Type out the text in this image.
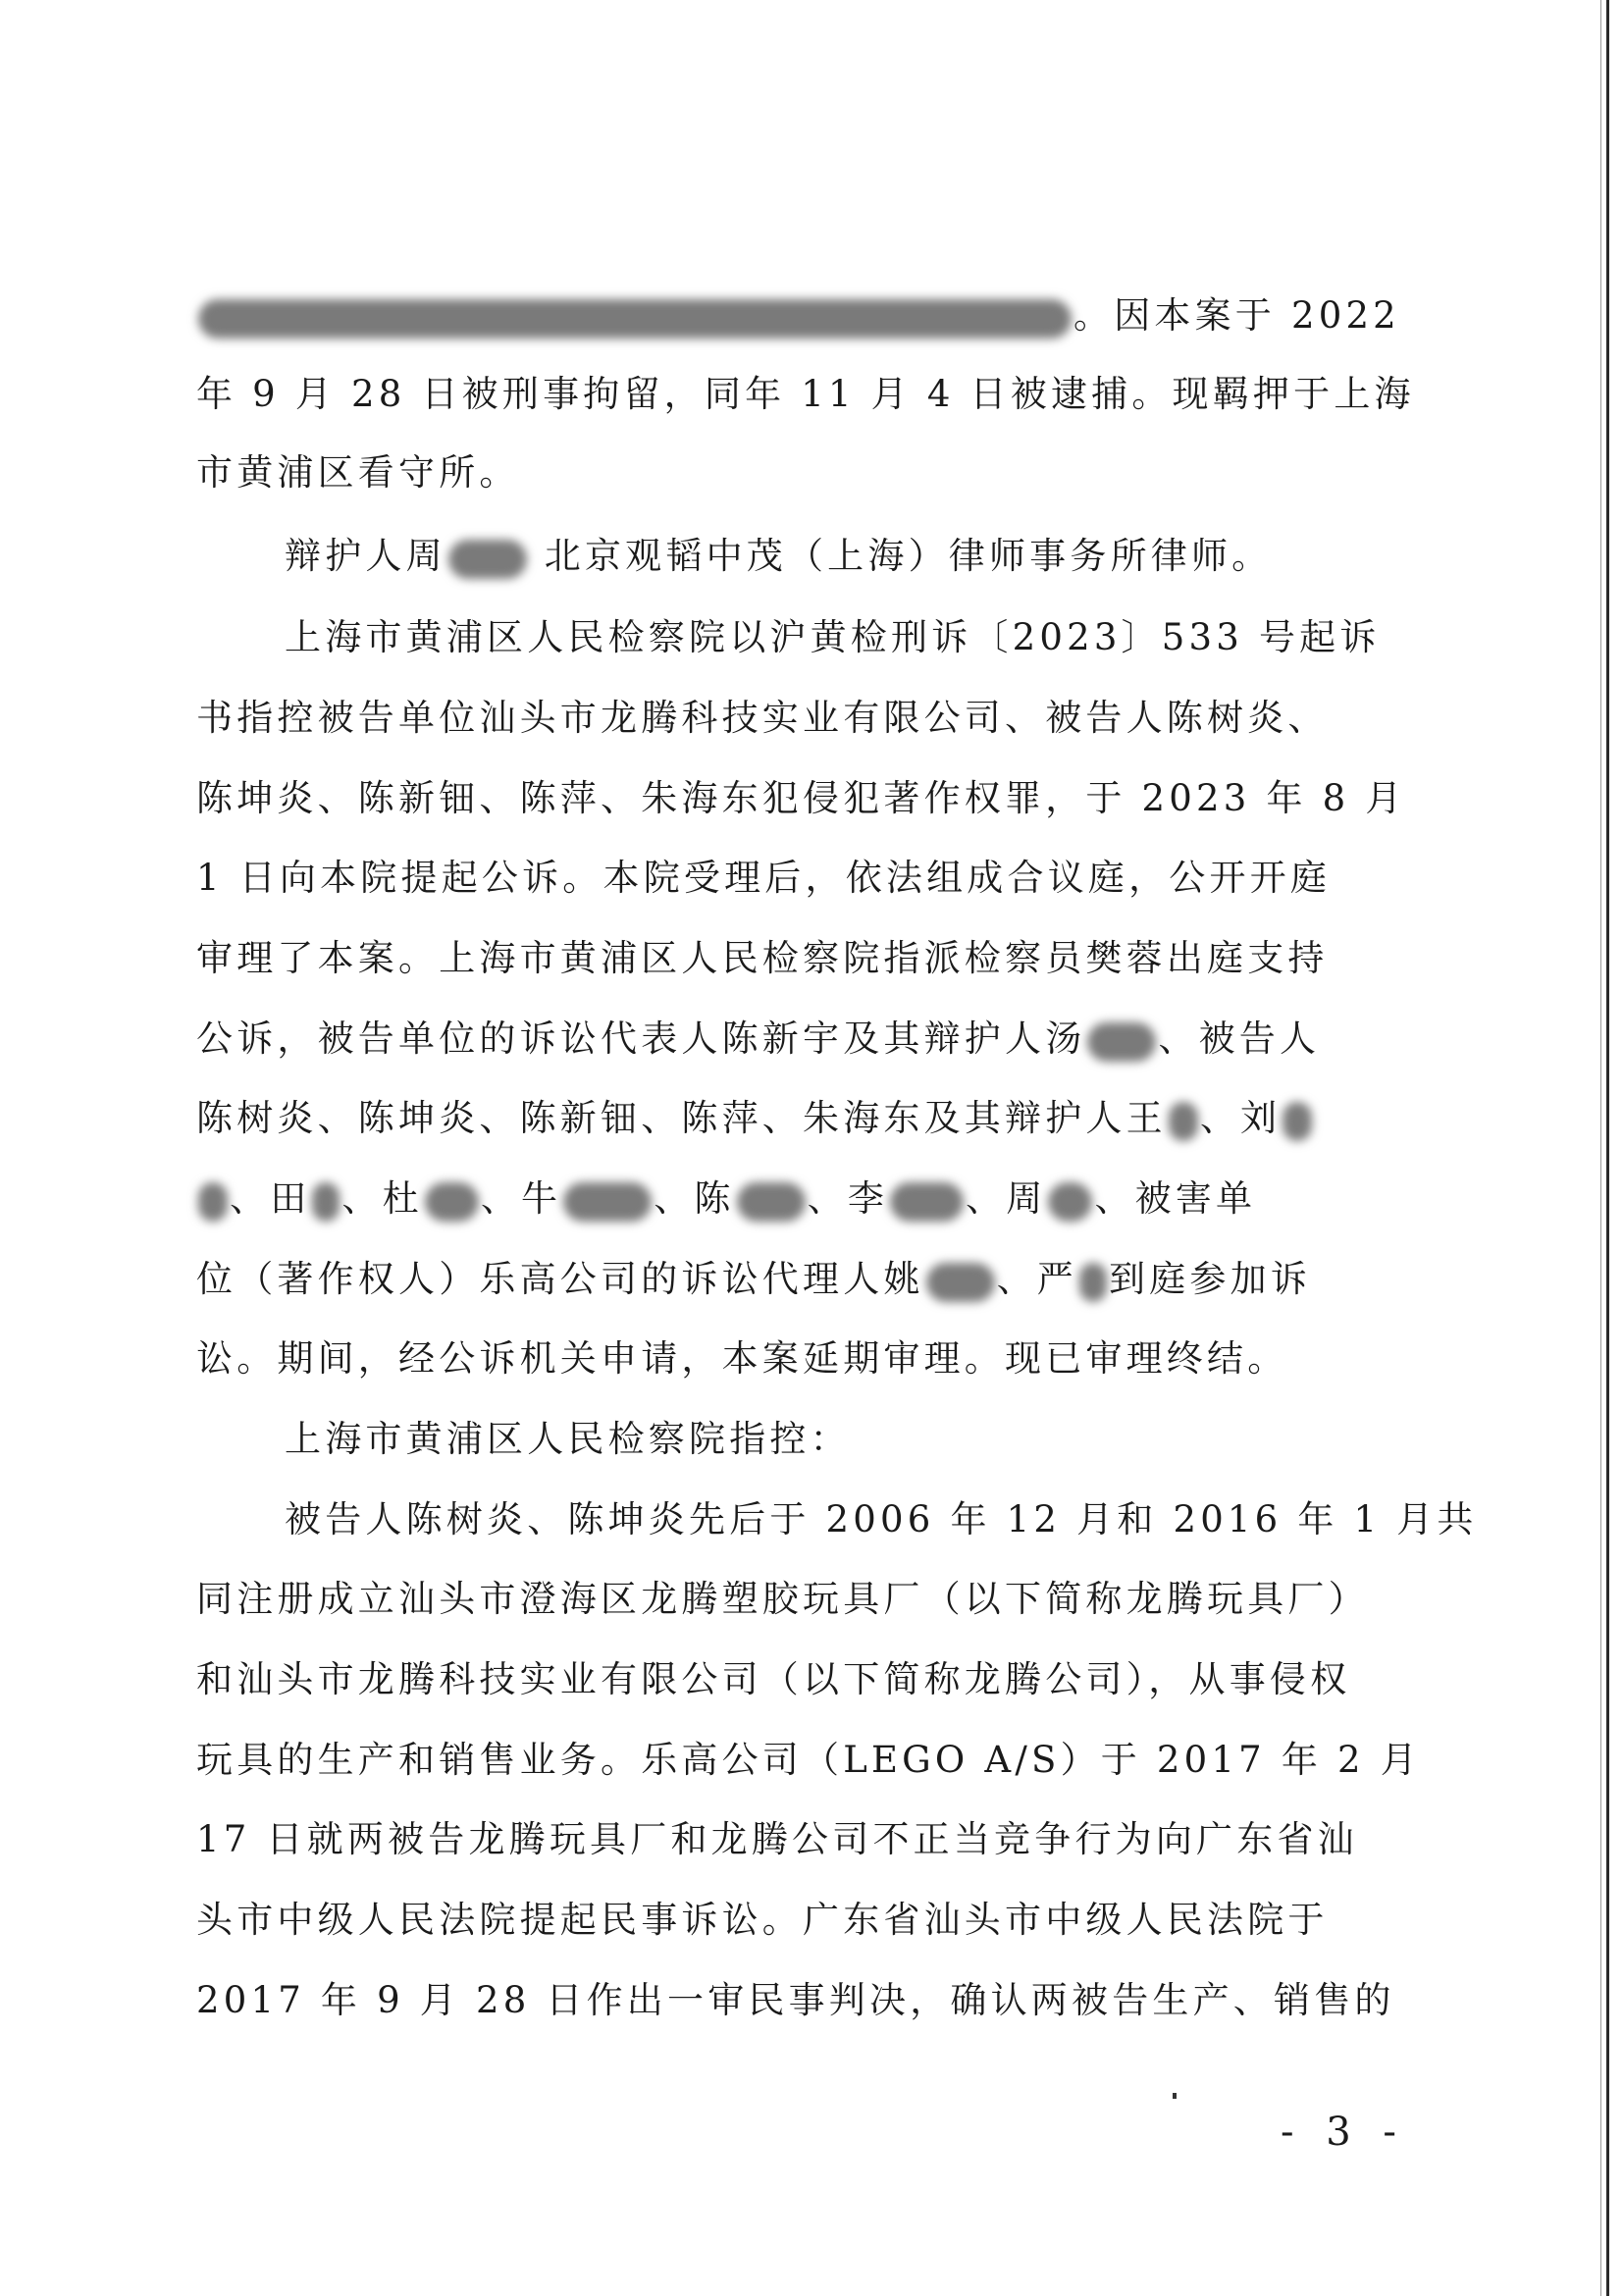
。因本案于 2022
年 9 月 28 日被刑事拘留，同年 11 月 4 日被逮捕。现羁押于上海
市黄浦区看守所。
辩护人周	北京观韬中茂（上海）律师事务所律师。
上海市黄浦区人民检察院以沪黄检刑诉〔2023〕533 号起诉
书指控被告单位汕头市龙腾科技实业有限公司、被告人陈树炎、
陈坤炎、陈新钿、陈萍、朱海东犯侵犯著作权罪，于 2023 年 8 月
1 日向本院提起公诉。本院受理后，依法组成合议庭，公开开庭
审理了本案。上海市黄浦区人民检察院指派检察员樊蓉出庭支持
公诉，被告单位的诉讼代表人陈新宇及其辩护人汤 、被告人
陈树炎、陈坤炎、陈新钿、陈萍、朱海东及其辩护人王 、刘
、田 、杜 、牛	、陈 、李 、周 、被害单
位（著作权人）乐高公司的诉讼代理人姚 、严 到庭参加诉
讼。期间，经公诉机关申请，本案延期审理。现已审理终结。
上海市黄浦区人民检察院指控：
被告人陈树炎、陈坤炎先后于 2006 年 12 月和 2016 年 1 月共
同注册成立汕头市澄海区龙腾塑胶玩具厂（以下简称龙腾玩具厂）
和汕头市龙腾科技实业有限公司（以下简称龙腾公司），从事侵权
玩具的生产和销售业务。乐高公司（LEGO A/S）于 2017 年 2 月
17 日就两被告龙腾玩具厂和龙腾公司不正当竞争行为向广东省汕
头市中级人民法院提起民事诉讼。广东省汕头市中级人民法院于
2017 年 9 月 28 日作出一审民事判决，确认两被告生产、销售的
- 3 -
